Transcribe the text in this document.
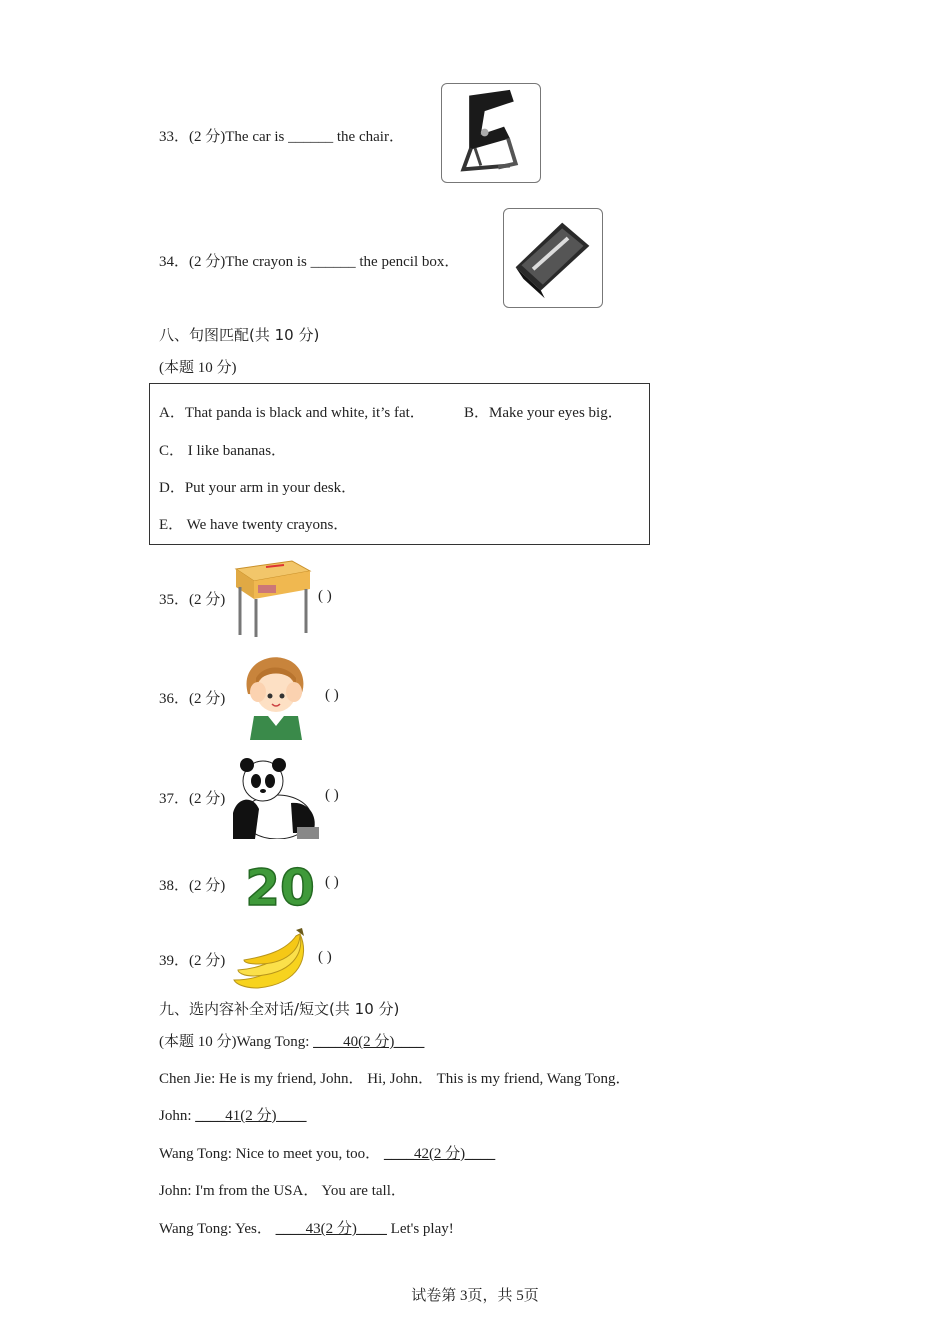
33．(2 分)The car is ______ the chair．
34．(2 分)The crayon is ______ the pencil box．
八、句图匹配(共 10 分)
(本题 10 分)
A．That panda is black and white, it’s fat．	B．Make your eyes big．
C． I like bananas．
D．Put your arm in your desk．
E． We have twenty crayons．
35．(2 分)	( )
36．(2 分)	( )
37．(2 分)	( )
38．(2 分) 20 ( )
39．(2 分)	( )
九、选内容补全对话/短文(共 10 分)
(本题 10 分)Wang Tong: ____40(2 分)____
Chen Jie: He is my friend, John． Hi, John． This is my friend, Wang Tong．
John: ____41(2 分)____
Wang Tong: Nice to meet you, too． ____42(2 分)____
John: I'm from the USA． You are tall．
Wang Tong: Yes． ____43(2 分)____ Let's play!
试卷第 3页，共 5页
